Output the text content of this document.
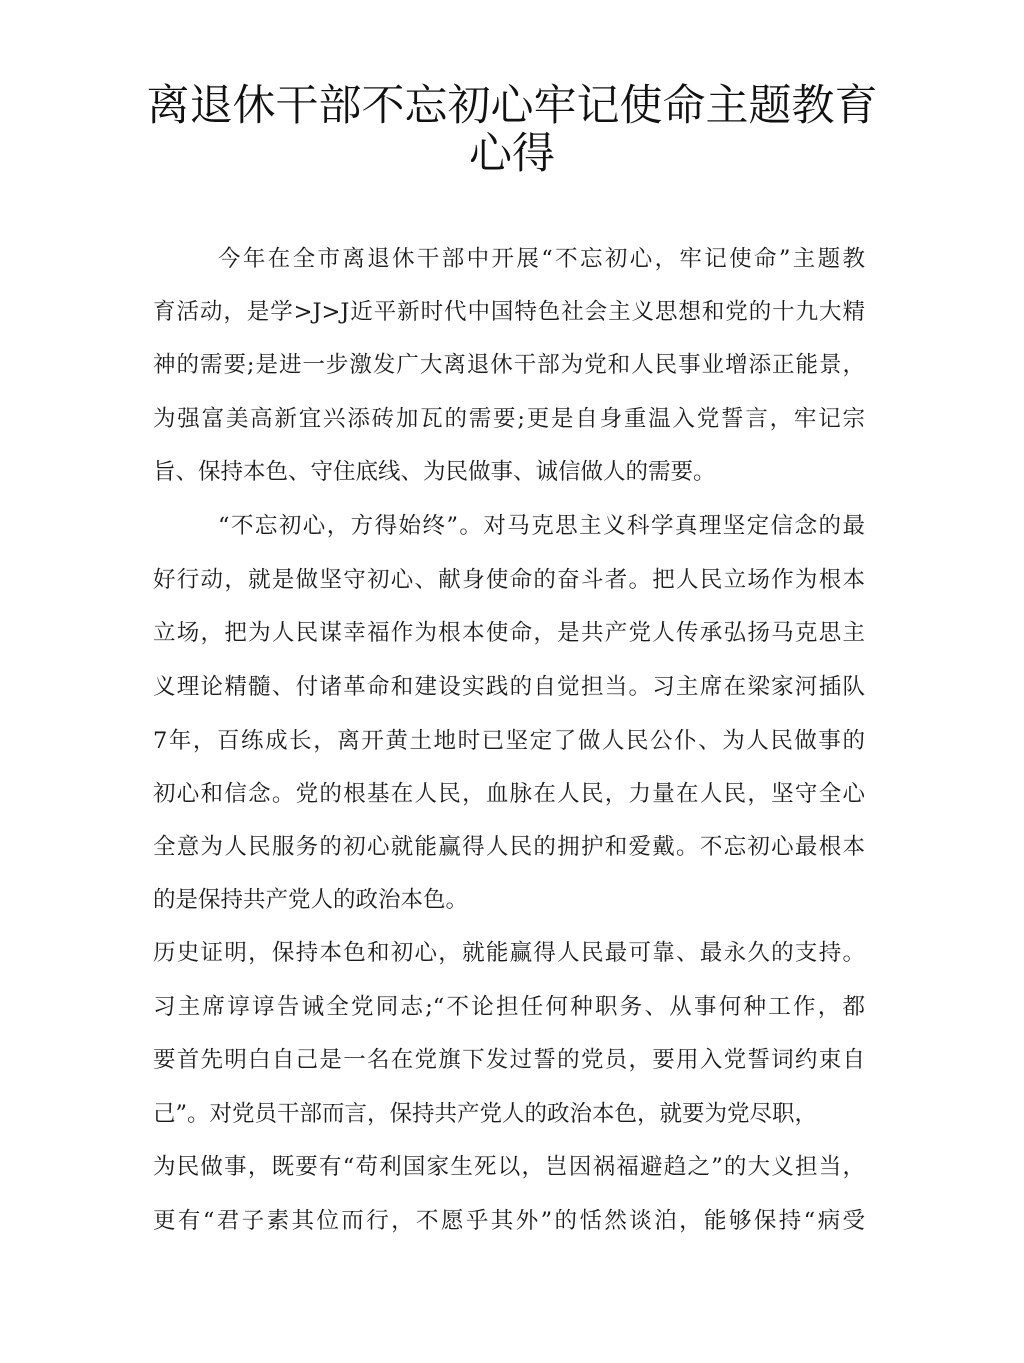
离退休干部不忘初心牢记使命主题教育
心得
今年在全市离退休干部中开展“不忘初心，牢记使命”主题教
育活动，是学>J>J近平新时代中国特色社会主义思想和党的十九大精
神的需要;是进一步激发广大离退休干部为党和人民事业增添正能景，
为强富美高新宜兴添砖加瓦的需要;更是自身重温入党誓言，牢记宗
旨、保持本色、守住底线、为民做事、诚信做人的需要。
“不忘初心，方得始终”。对马克思主义科学真理坚定信念的最
好行动，就是做坚守初心、献身使命的奋斗者。把人民立场作为根本
立场，把为人民谋幸福作为根本使命，是共产党人传承弘扬马克思主
义理论精髓、付诸革命和建设实践的自觉担当。习主席在梁家河插队
7年，百练成长，离开黄土地时已坚定了做人民公仆、为人民做事的
初心和信念。党的根基在人民，血脉在人民，力量在人民，坚守全心
全意为人民服务的初心就能赢得人民的拥护和爱戴。不忘初心最根本
的是保持共产党人的政治本色。
历史证明，保持本色和初心，就能赢得人民最可靠、最永久的支持。
习主席谆谆告诫全党同志;“不论担任何种职务、从事何种工作，都
要首先明白自己是一名在党旗下发过誓的党员，要用入党誓词约束自
己”。对党员干部而言，保持共产党人的政治本色，就要为党尽职，
为民做事，既要有“苟利国家生死以，岂因祸福避趋之”的大义担当，
更有“君子素其位而行，不愿乎其外”的恬然谈泊，能够保持“病受
